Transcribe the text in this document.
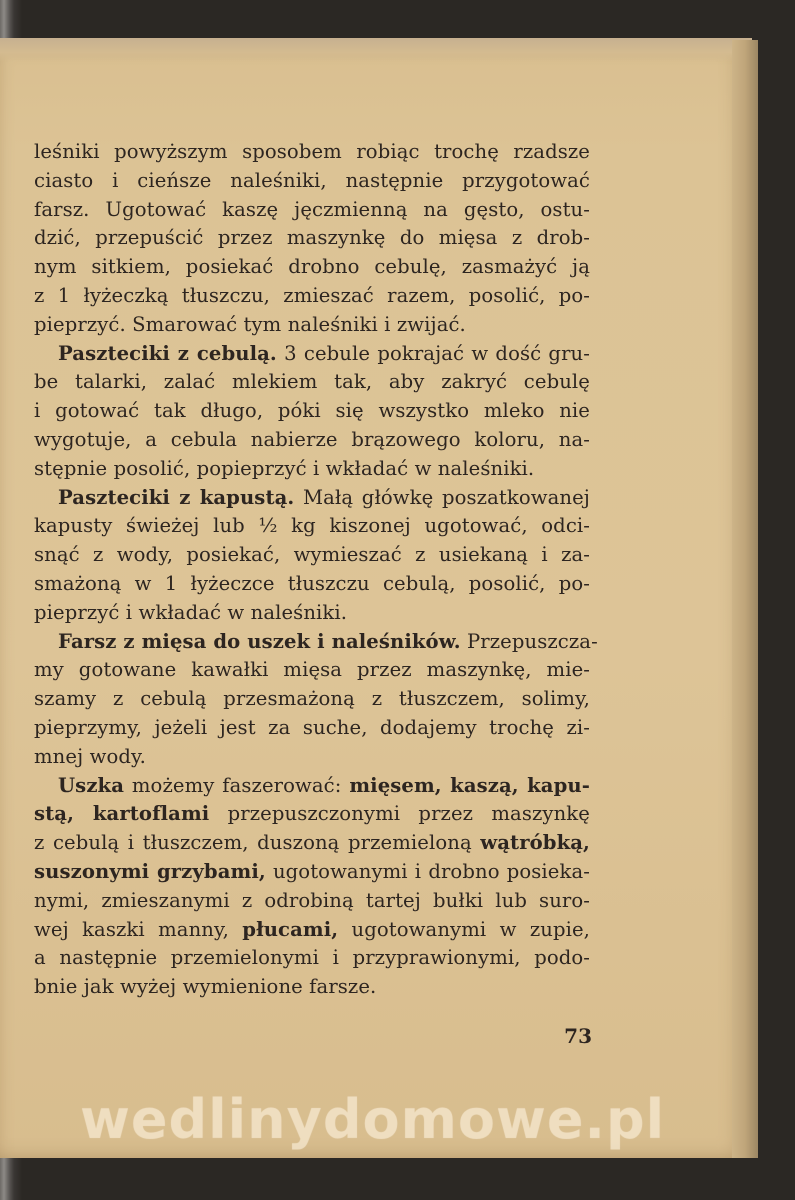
leśniki powyższym sposobem robiąc trochę rzadsze
ciasto i cieńsze naleśniki, następnie przygotować
farsz. Ugotować kaszę jęczmienną na gęsto, ostu-
dzić, przepuścić przez maszynkę do mięsa z drob-
nym sitkiem, posiekać drobno cebulę, zasmażyć ją
z 1 łyżeczką tłuszczu, zmieszać razem, posolić, po-
pieprzyć. Smarować tym naleśniki i zwijać.

Paszteciki z cebulą. 3 cebule pokrajać w dość gru-
be talarki, zalać mlekiem tak, aby zakryć cebulę
i gotować tak długo, póki się wszystko mleko nie
wygotuje, a cebula nabierze brązowego koloru, na-
stępnie posolić, popieprzyć i wkładać w naleśniki.

Paszteciki z kapustą. Małą główkę poszatkowanej
kapusty świeżej lub ½ kg kiszonej ugotować, odci-
snąć z wody, posiekać, wymieszać z usiekaną i za-
smażoną w 1 łyżeczce tłuszczu cebulą, posolić, po-
pieprzyć i wkładać w naleśniki.

Farsz z mięsa do uszek i naleśników. Przepuszcza-
my gotowane kawałki mięsa przez maszynkę, mie-
szamy z cebulą przesmażoną z tłuszczem, solimy,
pieprzymy, jeżeli jest za suche, dodajemy trochę zi-
mnej wody.

Uszka możemy faszerować: mięsem, kaszą, kapu-
stą, kartoflami przepuszczonymi przez maszynkę
z cebulą i tłuszczem, duszoną przemieloną wątróbką,
suszonymi grzybami, ugotowanymi i drobno posieka-
nymi, zmieszanymi z odrobiną tartej bułki lub suro-
wej kaszki manny, płucami, ugotowanymi w zupie,
a następnie przemielonymi i przyprawionymi, podo-
bnie jak wyżej wymienione farsze.

73
wedlinydomowe.pl
